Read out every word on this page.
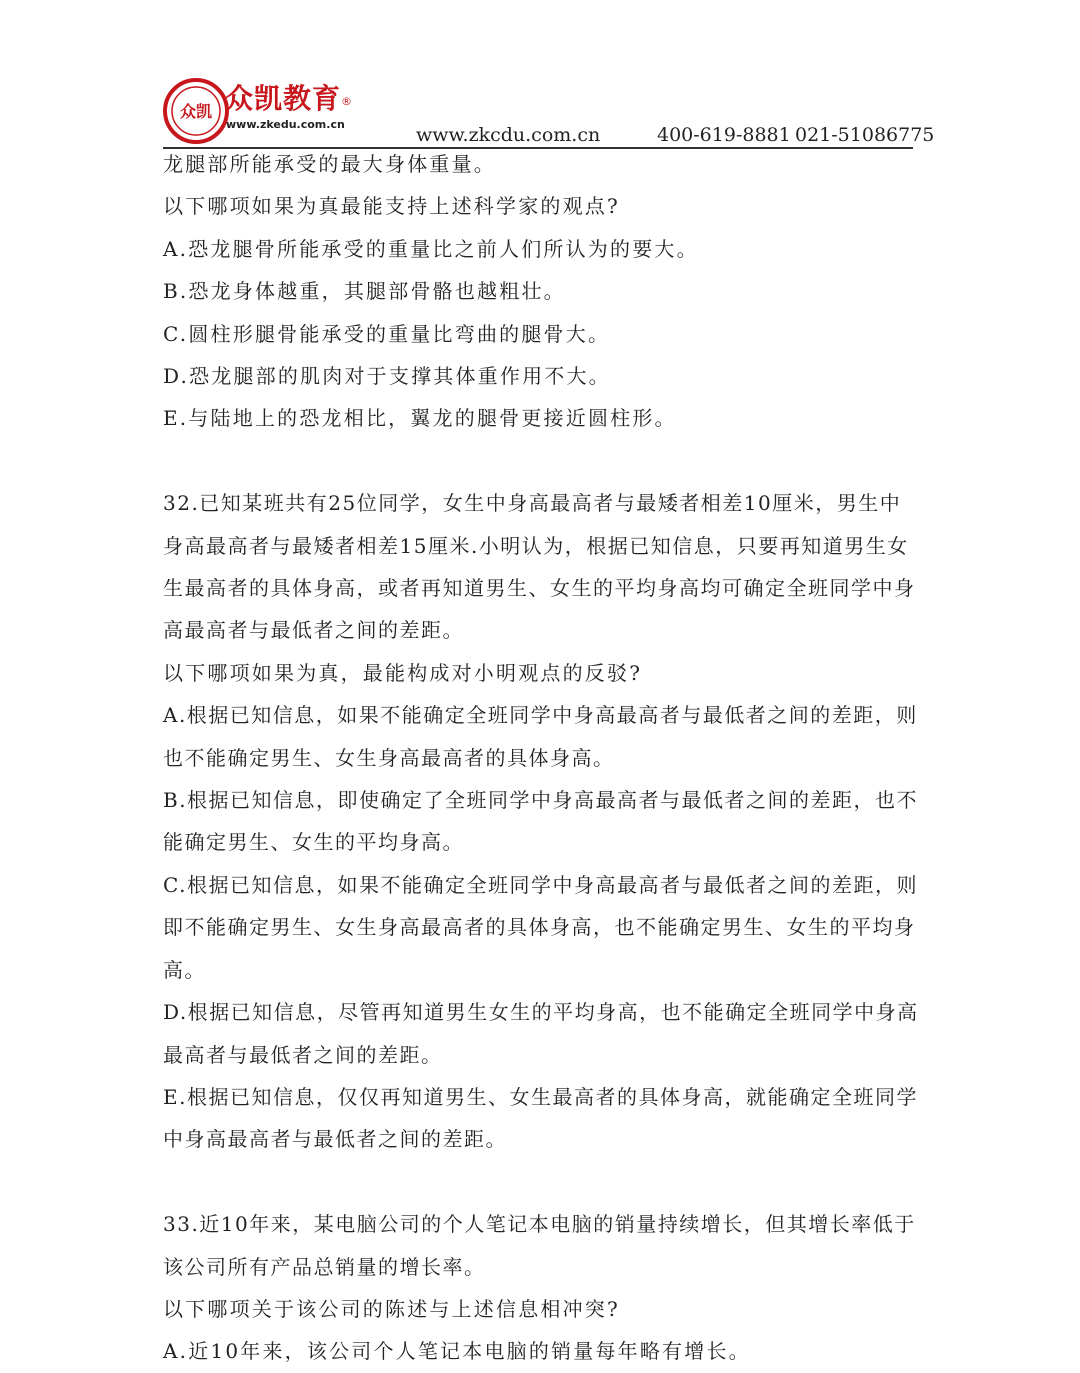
众凯 众凯教育®
www.zkedu.com.cn	www.zkcdu.com.cn	400-619-8881 021-51086775
龙腿部所能承受的最大身体重量。
以下哪项如果为真最能支持上述科学家的观点?
A.恐龙腿骨所能承受的重量比之前人们所认为的要大。
B.恐龙身体越重，其腿部骨骼也越粗壮。
C.圆柱形腿骨能承受的重量比弯曲的腿骨大。
D.恐龙腿部的肌肉对于支撑其体重作用不大。
E.与陆地上的恐龙相比，翼龙的腿骨更接近圆柱形。
32.已知某班共有25位同学，女生中身高最高者与最矮者相差10厘米，男生中
身高最高者与最矮者相差15厘米.小明认为，根据已知信息，只要再知道男生女
生最高者的具体身高，或者再知道男生、女生的平均身高均可确定全班同学中身
高最高者与最低者之间的差距。
以下哪项如果为真，最能构成对小明观点的反驳?
A.根据已知信息，如果不能确定全班同学中身高最高者与最低者之间的差距，则
也不能确定男生、女生身高最高者的具体身高。
B.根据已知信息，即使确定了全班同学中身高最高者与最低者之间的差距，也不
能确定男生、女生的平均身高。
C.根据已知信息，如果不能确定全班同学中身高最高者与最低者之间的差距，则
即不能确定男生、女生身高最高者的具体身高，也不能确定男生、女生的平均身
高。
D.根据已知信息，尽管再知道男生女生的平均身高，也不能确定全班同学中身高
最高者与最低者之间的差距。
E.根据已知信息，仅仅再知道男生、女生最高者的具体身高，就能确定全班同学
中身高最高者与最低者之间的差距。
33.近10年来，某电脑公司的个人笔记本电脑的销量持续增长，但其增长率低于
该公司所有产品总销量的增长率。
以下哪项关于该公司的陈述与上述信息相冲突?
A.近10年来，该公司个人笔记本电脑的销量每年略有增长。
